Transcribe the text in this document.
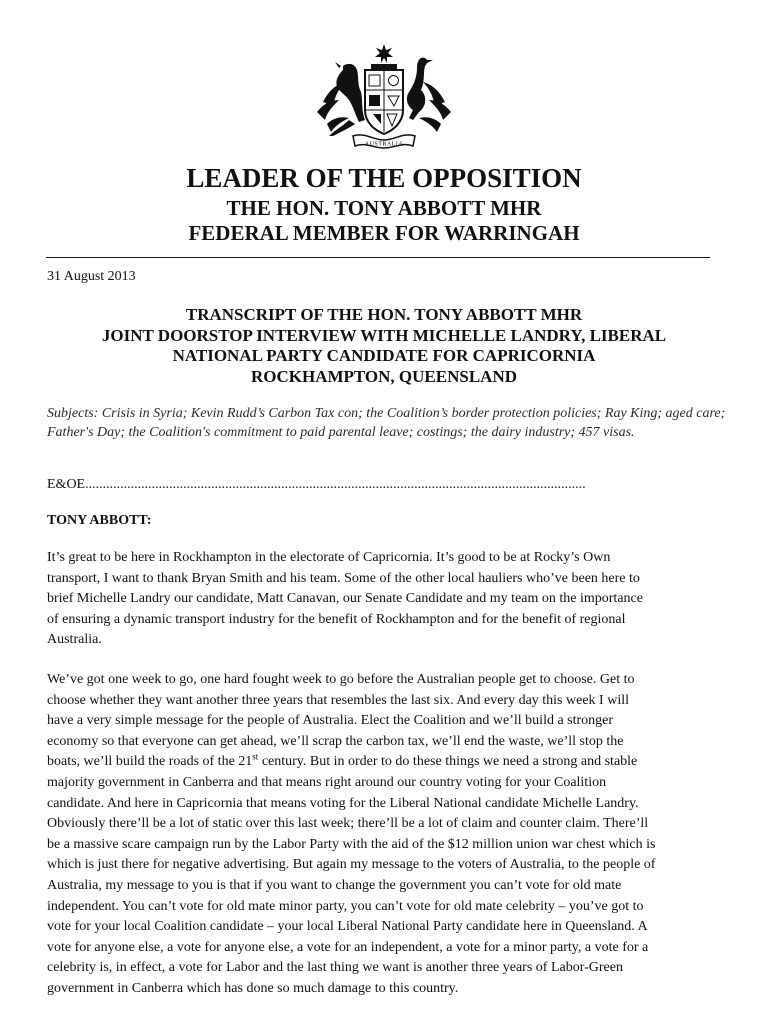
AUSTRALIA
LEADER OF THE OPPOSITION
THE HON. TONY ABBOTT MHR
FEDERAL MEMBER FOR WARRINGAH
31 August 2013
TRANSCRIPT OF THE HON. TONY ABBOTT MHR
JOINT DOORSTOP INTERVIEW WITH MICHELLE LANDRY, LIBERAL
NATIONAL PARTY CANDIDATE FOR CAPRICORNIA
ROCKHAMPTON, QUEENSLAND
Subjects: Crisis in Syria; Kevin Rudd’s Carbon Tax con; the Coalition’s border protection policies; Ray King; aged care; Father's Day; the Coalition's commitment to paid parental leave; costings; the dairy industry; 457 visas.
E&OE...............................................................................................................................................
TONY ABBOTT:
It’s great to be here in Rockhampton in the electorate of Capricornia. It’s good to be at Rocky’s Own
transport, I want to thank Bryan Smith and his team. Some of the other local hauliers who’ve been here to
brief Michelle Landry our candidate, Matt Canavan, our Senate Candidate and my team on the importance
of ensuring a dynamic transport industry for the benefit of Rockhampton and for the benefit of regional
Australia.
We’ve got one week to go, one hard fought week to go before the Australian people get to choose. Get to
choose whether they want another three years that resembles the last six. And every day this week I will
have a very simple message for the people of Australia. Elect the Coalition and we’ll build a stronger
economy so that everyone can get ahead, we’ll scrap the carbon tax, we’ll end the waste, we’ll stop the
boats, we’ll build the roads of the 21st century. But in order to do these things we need a strong and stable
majority government in Canberra and that means right around our country voting for your Coalition
candidate. And here in Capricornia that means voting for the Liberal National candidate Michelle Landry.
Obviously there’ll be a lot of static over this last week; there’ll be a lot of claim and counter claim. There’ll
be a massive scare campaign run by the Labor Party with the aid of the $12 million union war chest which is
which is just there for negative advertising. But again my message to the voters of Australia, to the people of
Australia, my message to you is that if you want to change the government you can’t vote for old mate
independent. You can’t vote for old mate minor party, you can’t vote for old mate celebrity – you’ve got to
vote for your local Coalition candidate – your local Liberal National Party candidate here in Queensland. A
vote for anyone else, a vote for anyone else, a vote for an independent, a vote for a minor party, a vote for a
celebrity is, in effect, a vote for Labor and the last thing we want is another three years of Labor-Green
government in Canberra which has done so much damage to this country.
